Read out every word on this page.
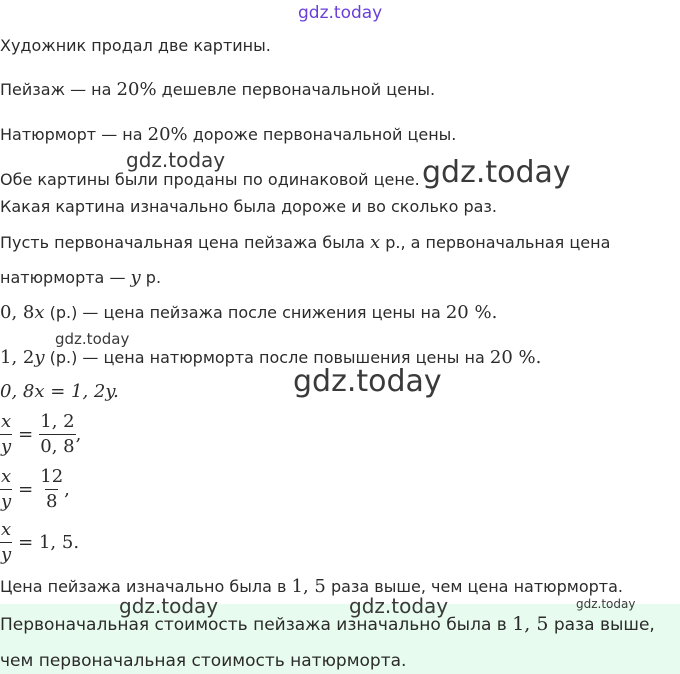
gdz.today
Художник продал две картины.
Пейзаж — на 20% дешевле первоначальной цены.
Натюрморт — на 20% дороже первоначальной цены.
Обе картины были проданы по одинаковой цене.
Какая картина изначально была дороже и во сколько раз.
Пусть первоначальная цена пейзажа была x р., а первоначальная цена
натюрморта — y р.
0, 8x (р.) — цена пейзажа после снижения цены на 20 %.
1, 2y (р.) — цена натюрморта после повышения цены на 20 %.
0, 8x = 1, 2y.
$\frac{x}{y} = \frac{1, 2}{0, 8}$ ,
$\frac{x}{y} = \frac{12}{8}$ ,
$\frac{x}{y} = 1$, 5.
Цена пейзажа изначально была в 1, 5 раза выше, чем цена натюрморта.
Первоначальная стоимость пейзажа изначально была в 1, 5 раза выше,
чем первоначальная стоимость натюрморта.
gdz.today	gdz.today
gdz.today
gdz.today
gdz.today	gdz.today	gdz.today
